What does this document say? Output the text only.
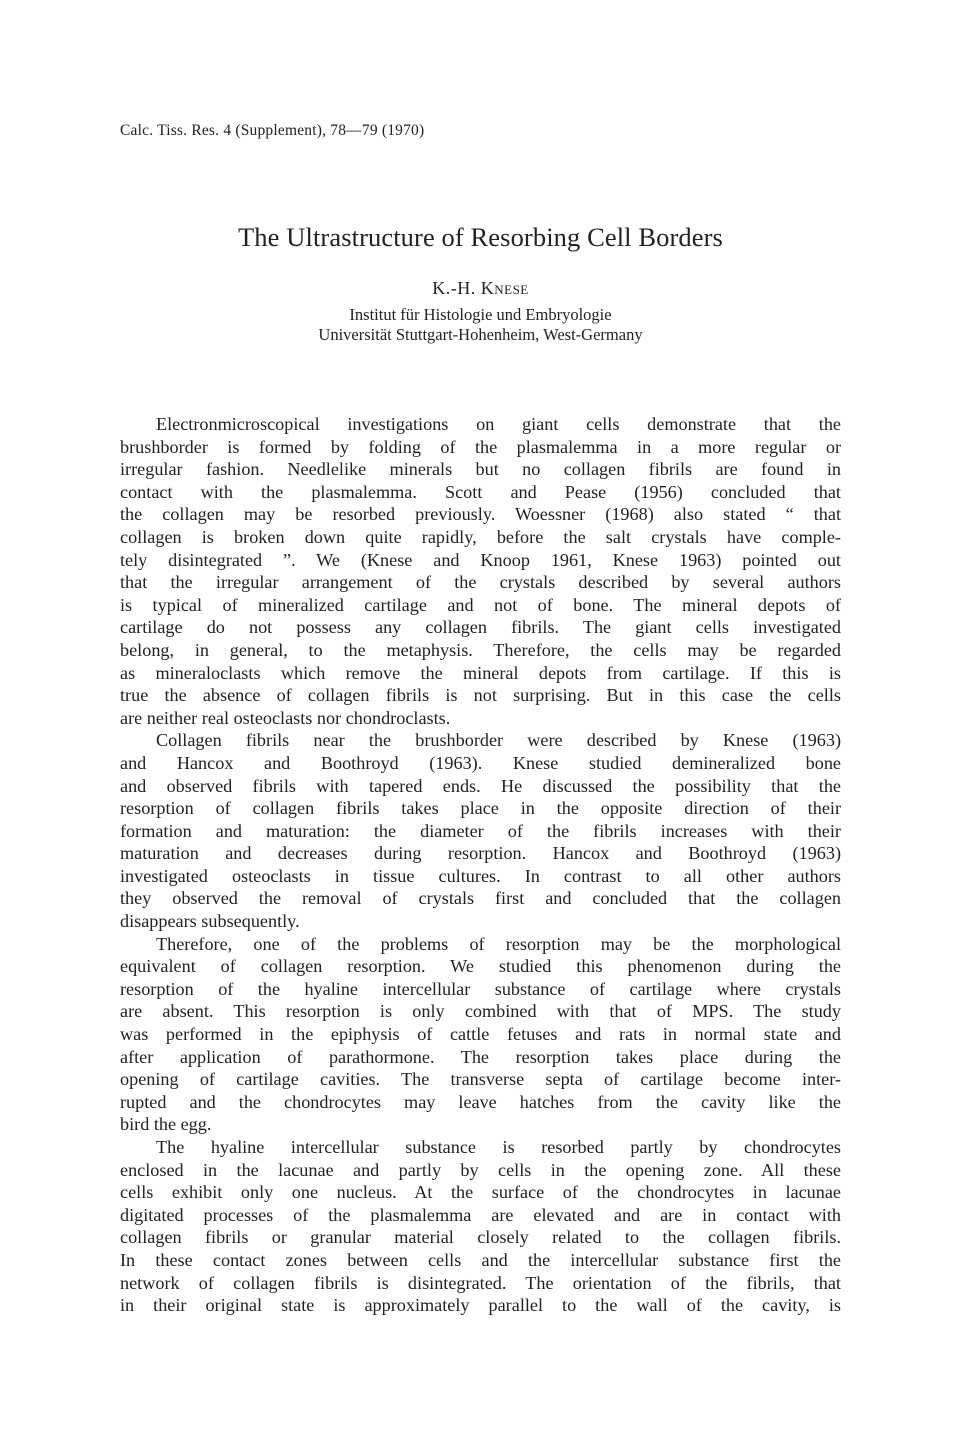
Calc. Tiss. Res. 4 (Supplement), 78—79 (1970)
The Ultrastructure of Resorbing Cell Borders
K.-H. Knese
Institut für Histologie und Embryologie
Universität Stuttgart-Hohenheim, West-Germany

Electronmicroscopical investigations on giant cells demonstrate that the
brushborder is formed by folding of the plasmalemma in a more regular or
irregular fashion. Needlelike minerals but no collagen fibrils are found in
contact with the plasmalemma. Scott and Pease (1956) concluded that
the collagen may be resorbed previously. Woessner (1968) also stated “ that
collagen is broken down quite rapidly, before the salt crystals have comple-
tely disintegrated ”. We (Knese and Knoop 1961, Knese 1963) pointed out
that the irregular arrangement of the crystals described by several authors
is typical of mineralized cartilage and not of bone. The mineral depots of
cartilage do not possess any collagen fibrils. The giant cells investigated
belong, in general, to the metaphysis. Therefore, the cells may be regarded
as mineraloclasts which remove the mineral depots from cartilage. If this is
true the absence of collagen fibrils is not surprising. But in this case the cells
are neither real osteoclasts nor chondroclasts.

Collagen fibrils near the brushborder were described by Knese (1963)
and Hancox and Boothroyd (1963). Knese studied demineralized bone
and observed fibrils with tapered ends. He discussed the possibility that the
resorption of collagen fibrils takes place in the opposite direction of their
formation and maturation: the diameter of the fibrils increases with their
maturation and decreases during resorption. Hancox and Boothroyd (1963)
investigated osteoclasts in tissue cultures. In contrast to all other authors
they observed the removal of crystals first and concluded that the collagen
disappears subsequently.

Therefore, one of the problems of resorption may be the morphological
equivalent of collagen resorption. We studied this phenomenon during the
resorption of the hyaline intercellular substance of cartilage where crystals
are absent. This resorption is only combined with that of MPS. The study
was performed in the epiphysis of cattle fetuses and rats in normal state and
after application of parathormone. The resorption takes place during the
opening of cartilage cavities. The transverse septa of cartilage become inter-
rupted and the chondrocytes may leave hatches from the cavity like the
bird the egg.

The hyaline intercellular substance is resorbed partly by chondrocytes
enclosed in the lacunae and partly by cells in the opening zone. All these
cells exhibit only one nucleus. At the surface of the chondrocytes in lacunae
digitated processes of the plasmalemma are elevated and are in contact with
collagen fibrils or granular material closely related to the collagen fibrils.
In these contact zones between cells and the intercellular substance first the
network of collagen fibrils is disintegrated. The orientation of the fibrils, that
in their original state is approximately parallel to the wall of the cavity, is
